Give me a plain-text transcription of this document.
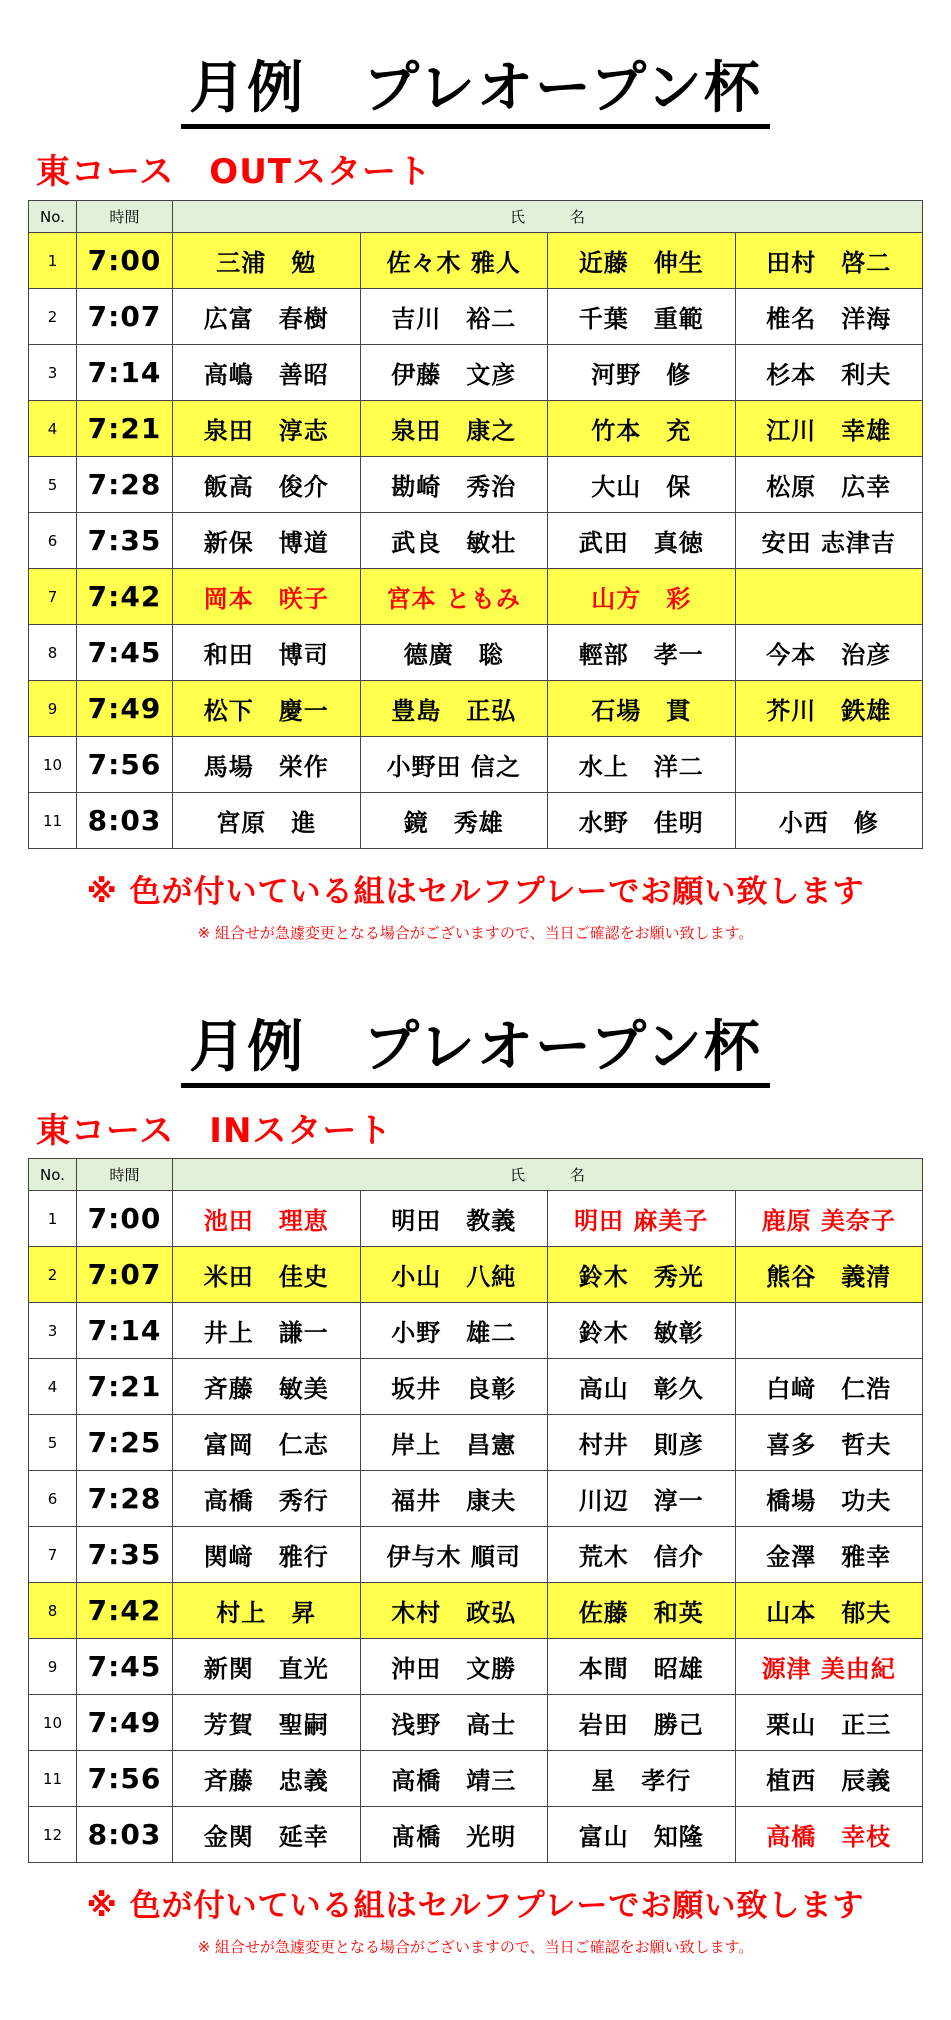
月例　プレオープン杯
東コース　OUTスタート
No.	時間	氏　　　名			
1	7:00	三浦　勉	佐々木 雅人	近藤　伸生	田村　啓二
2	7:07	広富　春樹	吉川　裕二	千葉　重範	椎名　洋海
3	7:14	高嶋　善昭	伊藤　文彦	河野　修	杉本　利夫
4	7:21	泉田　淳志	泉田　康之	竹本　充	江川　幸雄
5	7:28	飯高　俊介	勘崎　秀治	大山　保	松原　広幸
6	7:35	新保　博道	武良　敏壮	武田　真徳	安田 志津吉
7	7:42	岡本　咲子	宮本 ともみ	山方　彩	
8	7:45	和田　博司	德廣　聡	輕部　孝一	今本　治彦
9	7:49	松下　慶一	豊島　正弘	石場　貫	芥川　鉄雄
10	7:56	馬場　栄作	小野田 信之	水上　洋二	
11	8:03	宮原　進	鏡　秀雄	水野　佳明	小西　修
※ 色が付いている組はセルフプレーでお願い致します
※ 組合せが急遽変更となる場合がございますので、当日ご確認をお願い致します。
月例　プレオープン杯
東コース　INスタート
No.	時間	氏　　　名			
1	7:00	池田　理恵	明田　教義	明田 麻美子	鹿原 美奈子
2	7:07	米田　佳史	小山　八純	鈴木　秀光	熊谷　義清
3	7:14	井上　謙一	小野　雄二	鈴木　敏彰	
4	7:21	斉藤　敏美	坂井　良彰	高山　彰久	白﨑　仁浩
5	7:25	富岡　仁志	岸上　昌憲	村井　則彦	喜多　哲夫
6	7:28	高橋　秀行	福井　康夫	川辺　淳一	橋場　功夫
7	7:35	関﨑　雅行	伊与木 順司	荒木　信介	金澤　雅幸
8	7:42	村上　昇	木村　政弘	佐藤　和英	山本　郁夫
9	7:45	新関　直光	沖田　文勝	本間　昭雄	源津 美由紀
10	7:49	芳賀　聖嗣	浅野　高士	岩田　勝己	栗山　正三
11	7:56	斉藤　忠義	高橋　靖三	星　孝行	植西　辰義
12	8:03	金関　延幸	髙橋　光明	富山　知隆	高橋　幸枝
※ 色が付いている組はセルフプレーでお願い致します
※ 組合せが急遽変更となる場合がございますので、当日ご確認をお願い致します。
